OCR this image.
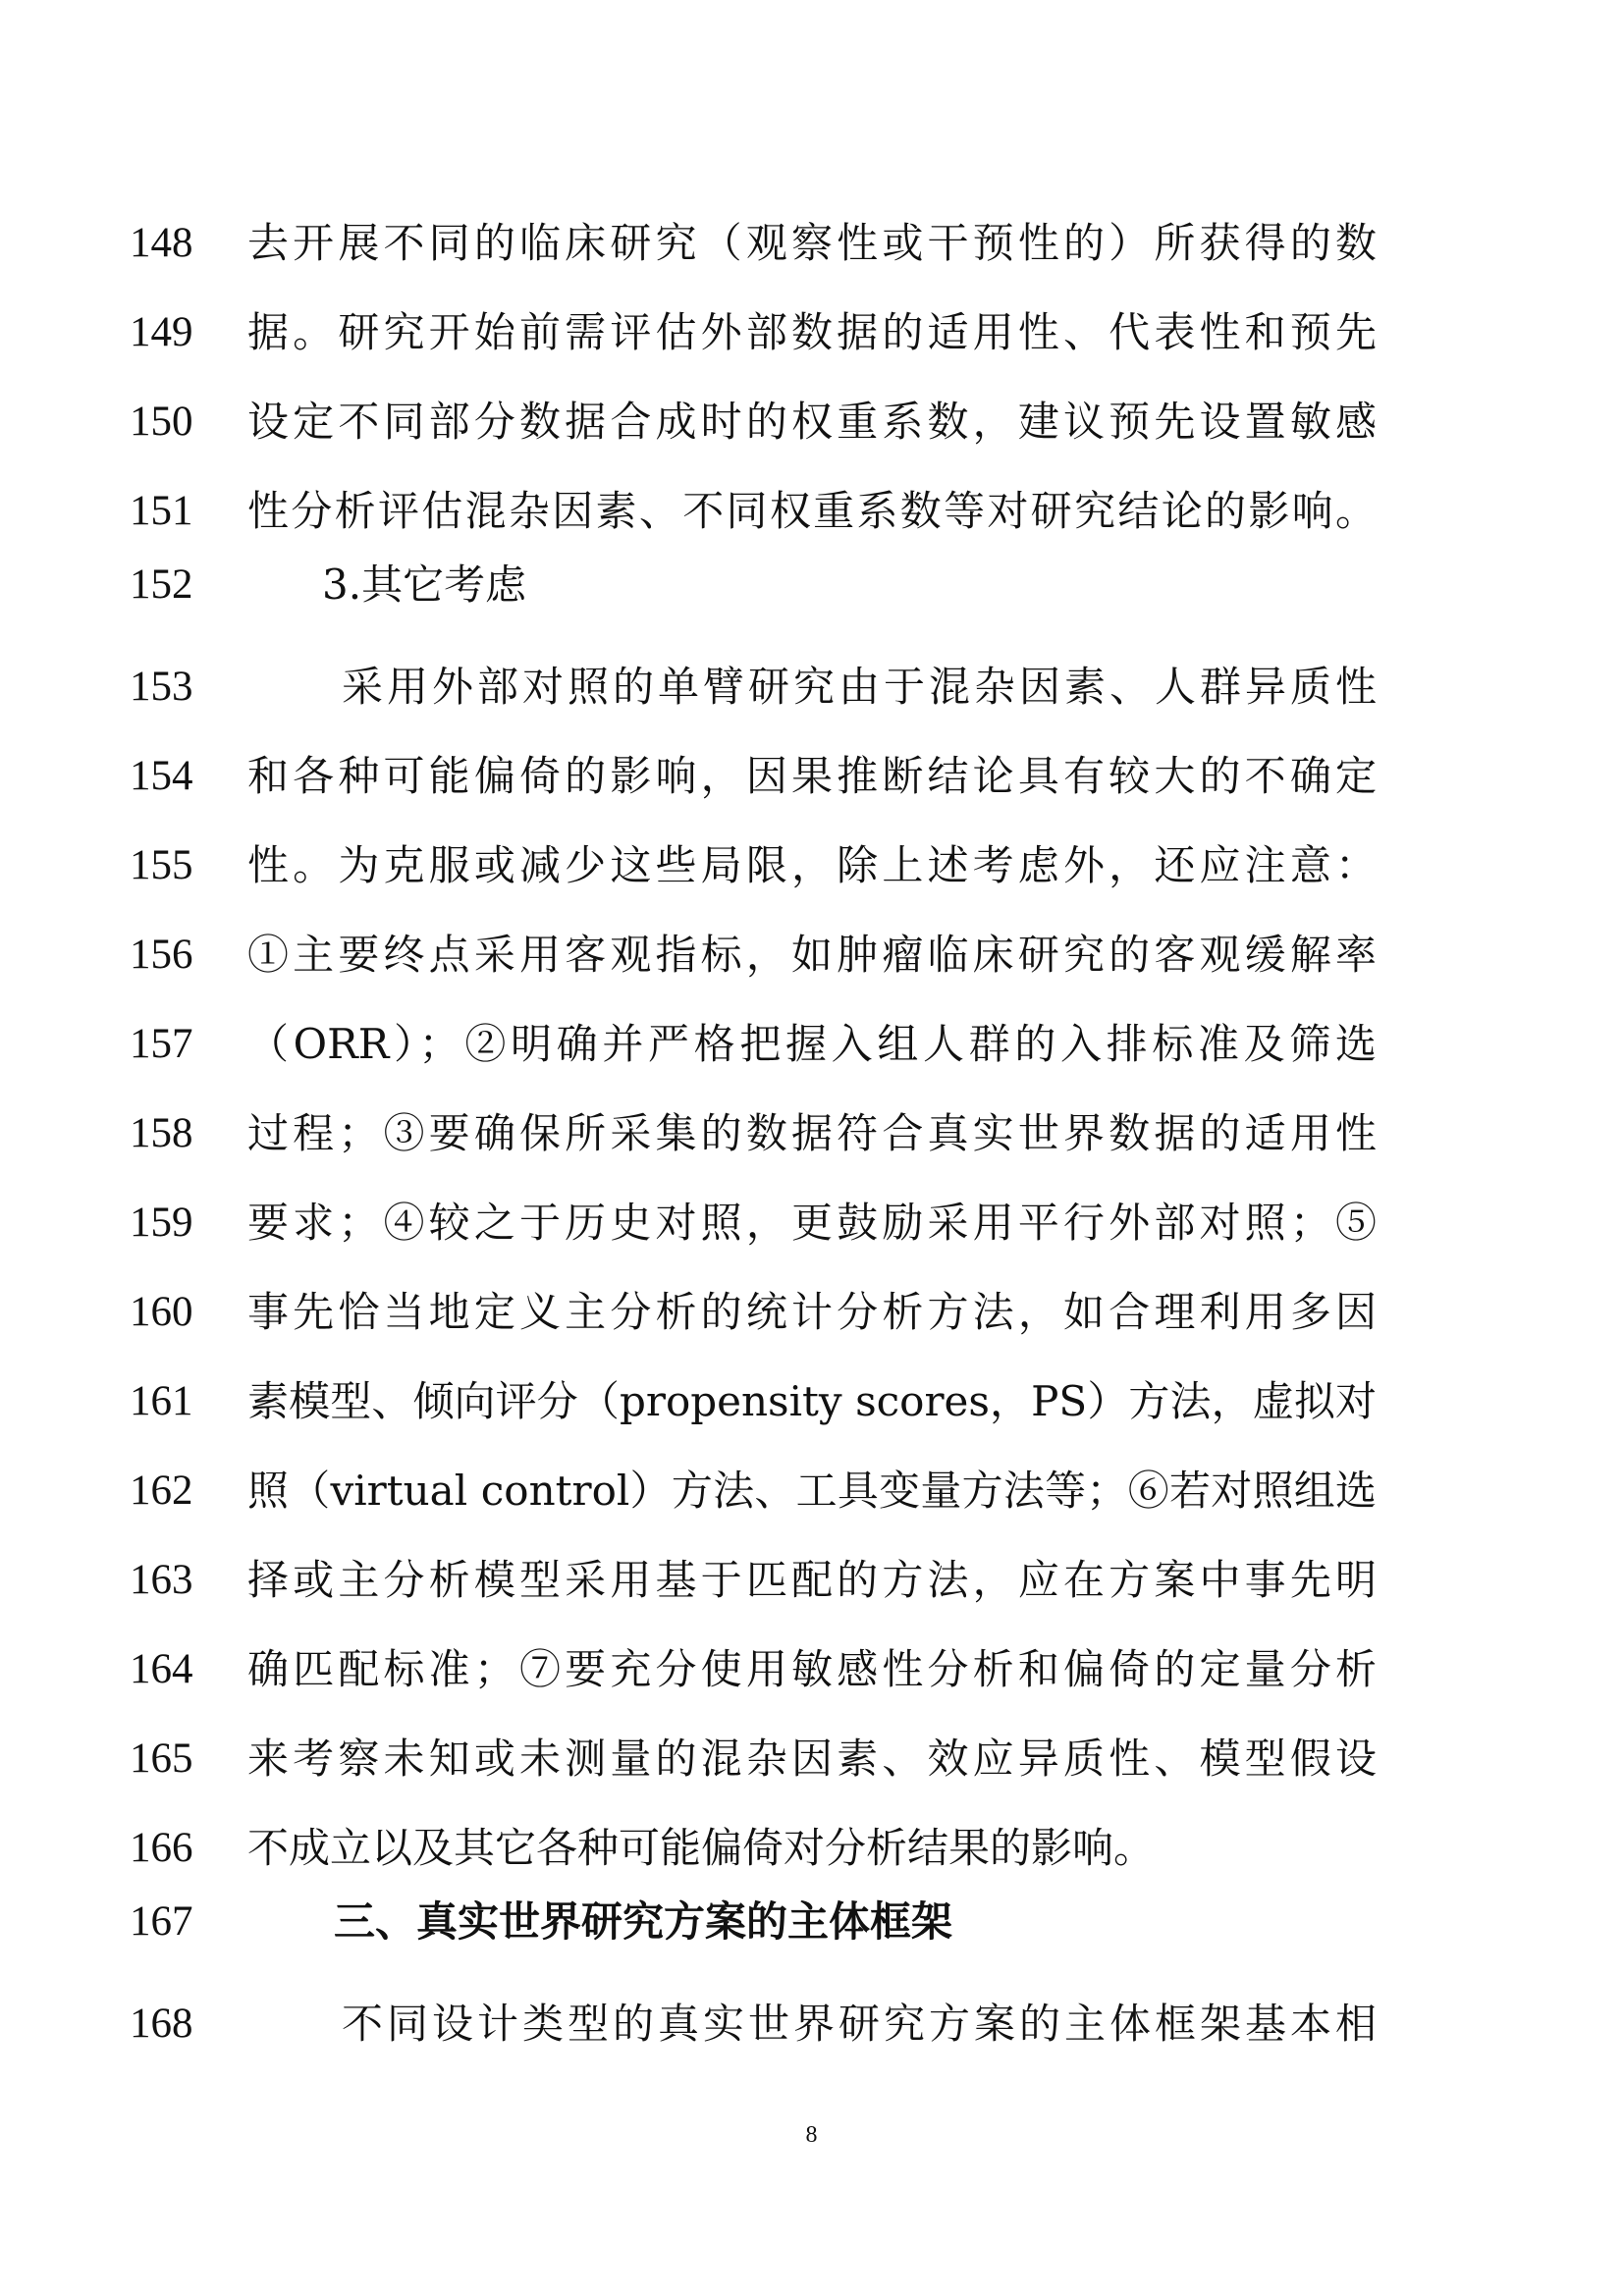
148	去开展不同的临床研究（观察性或干预性的）所获得的数
149	据。研究开始前需评估外部数据的适用性、代表性和预先
150	设定不同部分数据合成时的权重系数，建议预先设置敏感
151	性分析评估混杂因素、不同权重系数等对研究结论的影响。
152	3.其它考虑
153	采用外部对照的单臂研究由于混杂因素、人群异质性
154	和各种可能偏倚的影响，因果推断结论具有较大的不确定
155	性。为克服或减少这些局限，除上述考虑外，还应注意：
156	①主要终点采用客观指标，如肿瘤临床研究的客观缓解率
157	（ORR）；②明确并严格把握入组人群的入排标准及筛选
158	过程；③要确保所采集的数据符合真实世界数据的适用性
159	要求；④较之于历史对照，更鼓励采用平行外部对照；⑤
160	事先恰当地定义主分析的统计分析方法，如合理利用多因
161	素模型、倾向评分（propensity scores，PS）方法，虚拟对
162	照（virtual control）方法、工具变量方法等；⑥若对照组选
163	择或主分析模型采用基于匹配的方法，应在方案中事先明
164	确匹配标准；⑦要充分使用敏感性分析和偏倚的定量分析
165	来考察未知或未测量的混杂因素、效应异质性、模型假设
166	不成立以及其它各种可能偏倚对分析结果的影响。
167	三、真实世界研究方案的主体框架
168	不同设计类型的真实世界研究方案的主体框架基本相
8
